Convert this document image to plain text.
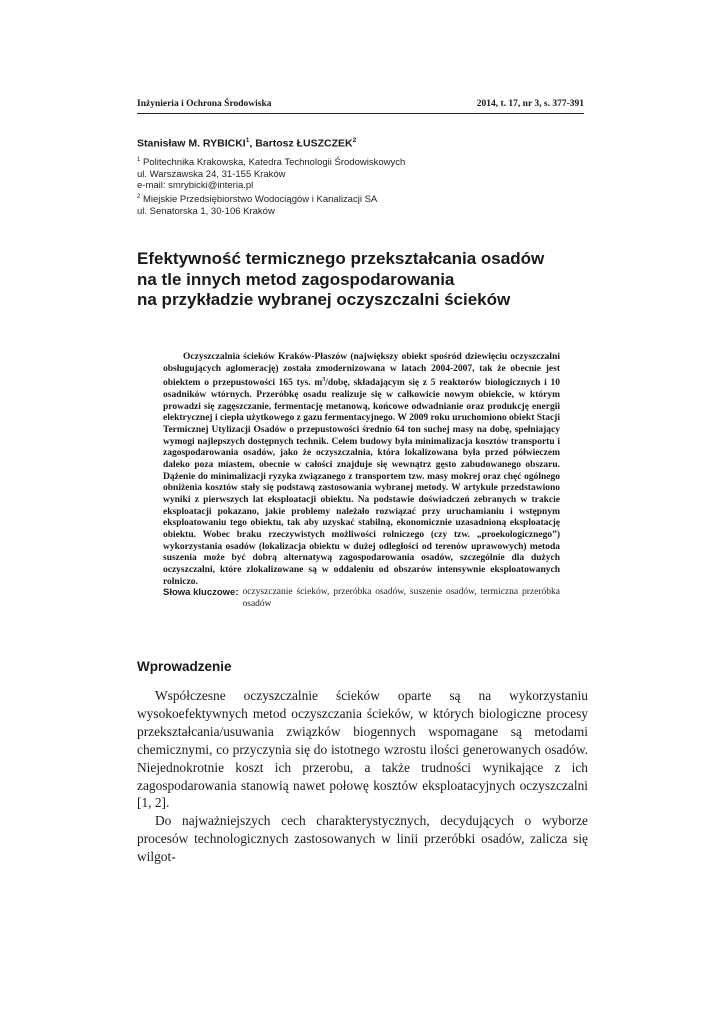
Inżynieria i Ochrona Środowiska	2014, t. 17, nr 3, s. 377-391
Stanisław M. RYBICKI$^1$, Bartosz ŁUSZCZEK$^2$
$^1$ Politechnika Krakowska, Katedra Technologii Środowiskowych
ul. Warszawska 24, 31-155 Kraków
e-mail: smrybicki@interia.pl
$^2$ Miejskie Przedsiębiorstwo Wodociągów i Kanalizacji SA
ul. Senatorska 1, 30-106 Kraków
Efektywność termicznego przekształcania osadów
na tle innych metod zagospodarowania
na przykładzie wybranej oczyszczalni ścieków

Oczyszczalnia ścieków Kraków-Płaszów (największy obiekt spośród dziewięciu oczyszczalni obsługujących aglomerację) została zmodernizowana w latach 2004-2007, tak że obecnie jest obiektem o przepustowości 165 tys. $m^3$/dobę, składającym się z 5 reaktorów biologicznych i 10 osadników wtórnych. Przeróbkę osadu realizuje się w całkowicie nowym obiekcie, w którym prowadzi się zagęszczanie, fermentację metanową, końcowe odwadnianie oraz produkcję energii elektrycznej i ciepła użytkowego z gazu fermentacyjnego. W 2009 roku uruchomiono obiekt Stacji Termicznej Utylizacji Osadów o przepustowości średnio 64 ton suchej masy na dobę, spełniający wymogi najlepszych dostępnych technik. Celem budowy była minimalizacja kosztów transportu i zagospodarowania osadów, jako że oczyszczalnia, która lokalizowana była przed półwieczem daleko poza miastem, obecnie w całości znajduje się wewnątrz gęsto zabudowanego obszaru. Dążenie do minimalizacji ryzyka związanego z transportem tzw. masy mokrej oraz chęć ogólnego obniżenia kosztów stały się podstawą zastosowania wybranej metody. W artykule przedstawiono wyniki z pierwszych lat eksploatacji obiektu. Na podstawie doświadczeń zebranych w trakcie eksploatacji pokazano, jakie problemy należało rozwiązać przy uruchamianiu i wstępnym eksploatowaniu tego obiektu, tak aby uzyskać stabilną, ekonomicznie uzasadnioną eksploatację obiektu. Wobec braku rzeczywistych możliwości rolniczego (czy tzw. „proekologicznego”) wykorzystania osadów (lokalizacja obiektu w dużej odległości od terenów uprawowych) metoda suszenia może być dobrą alternatywą zagospodarowania osadów, szczególnie dla dużych oczyszczalni, które zlokalizowane są w oddaleniu od obszarów intensywnie eksploatowanych rolniczo.

Słowa kluczowe: oczyszczanie ścieków, przeróbka osadów, suszenie osadów, termiczna przeróbka osadów
Wprowadzenie

Współczesne oczyszczalnie ścieków oparte są na wykorzystaniu wysokoefektywnych metod oczyszczania ścieków, w których biologiczne procesy przekształcania/usuwania związków biogennych wspomagane są metodami chemicznymi, co przyczynia się do istotnego wzrostu ilości generowanych osadów. Niejednokrotnie koszt ich przerobu, a także trudności wynikające z ich zagospodarowania stanowią nawet połowę kosztów eksploatacyjnych oczyszczalni [1, 2].

Do najważniejszych cech charakterystycznych, decydujących o wyborze procesów technologicznych zastosowanych w linii przeróbki osadów, zalicza się wilgot-
